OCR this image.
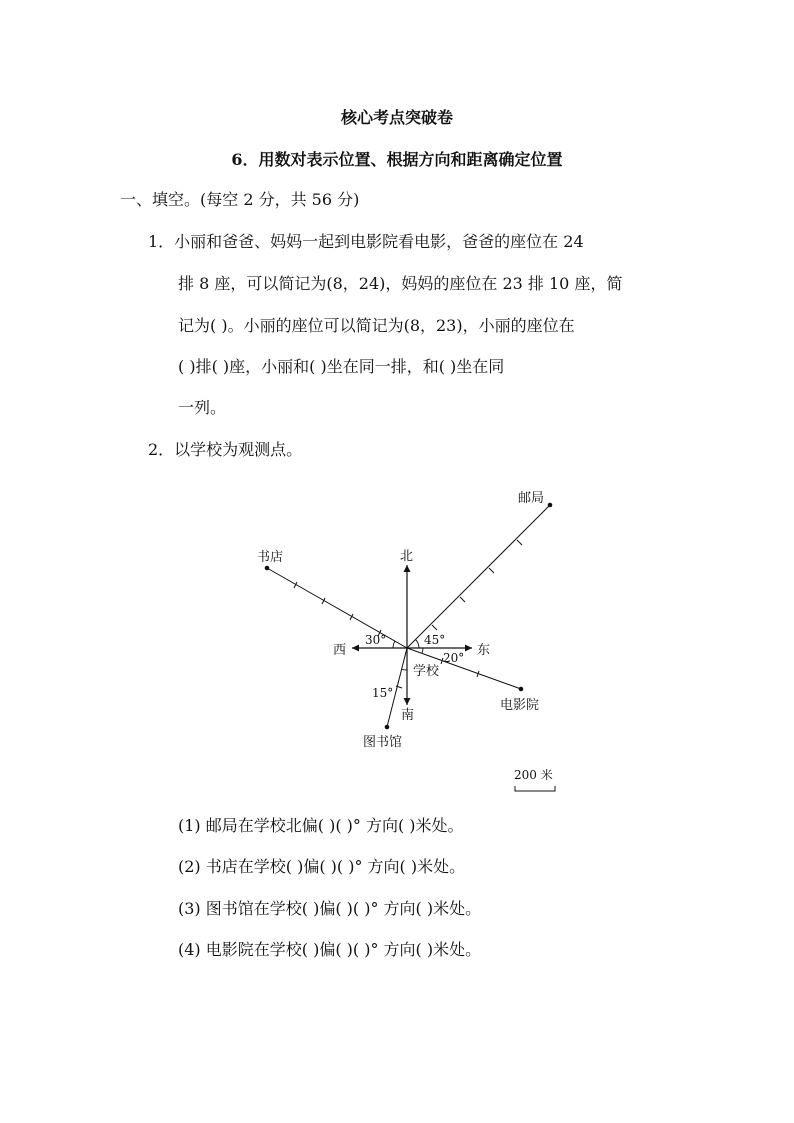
核心考点突破卷
6．用数对表示位置、根据方向和距离确定位置
一、填空。(每空 2 分，共 56 分)
1．小丽和爸爸、妈妈一起到电影院看电影，爸爸的座位在 24
排 8 座，可以简记为(8，24)，妈妈的座位在 23 排 10 座，简
记为( )。小丽的座位可以简记为(8，23)，小丽的座位在
( )排( )座，小丽和( )坐在同一排，和( )坐在同
一列。
2．以学校为观测点。
北
南
东
西
学校
邮局
书店
电影院
图书馆
45°
30°
20°
15°
200 米
(1) 邮局在学校北偏( )( )° 方向( )米处。
(2) 书店在学校( )偏( )( )° 方向( )米处。
(3) 图书馆在学校( )偏( )( )° 方向( )米处。
(4) 电影院在学校( )偏( )( )° 方向( )米处。
